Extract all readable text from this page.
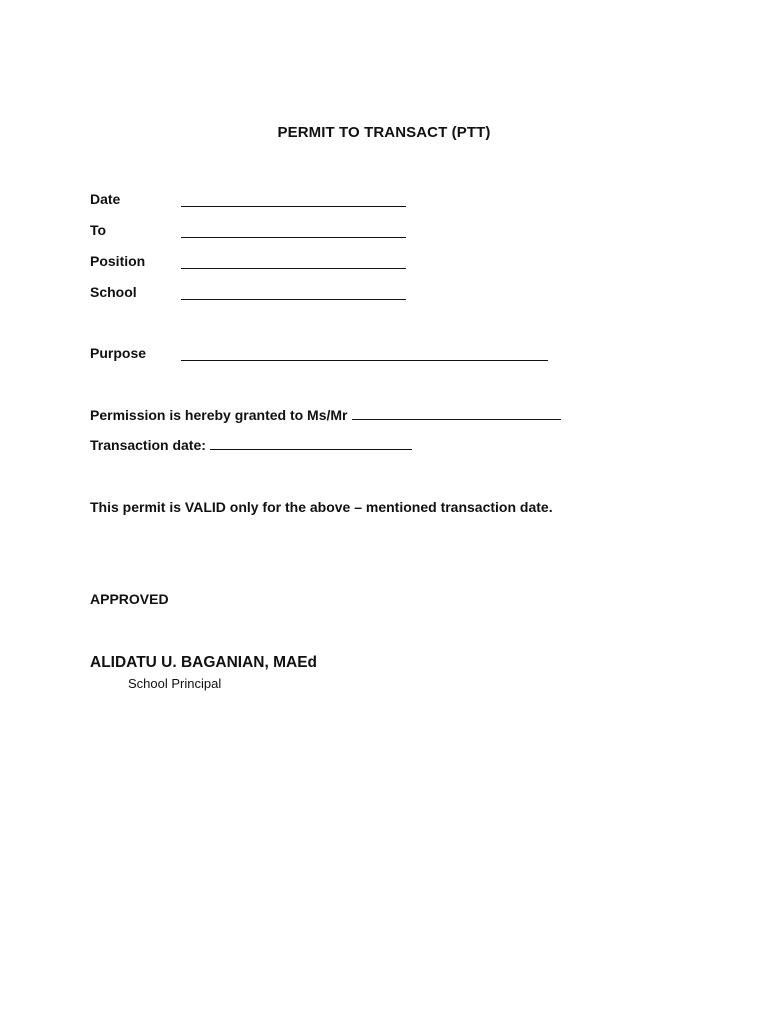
PERMIT TO TRANSACT (PTT)
Date
To
Position
School
Purpose
Permission is hereby granted to Ms/Mr
Transaction date:
This permit is VALID only for the above – mentioned transaction date.
APPROVED
ALIDATU U. BAGANIAN, MAEd
School Principal
